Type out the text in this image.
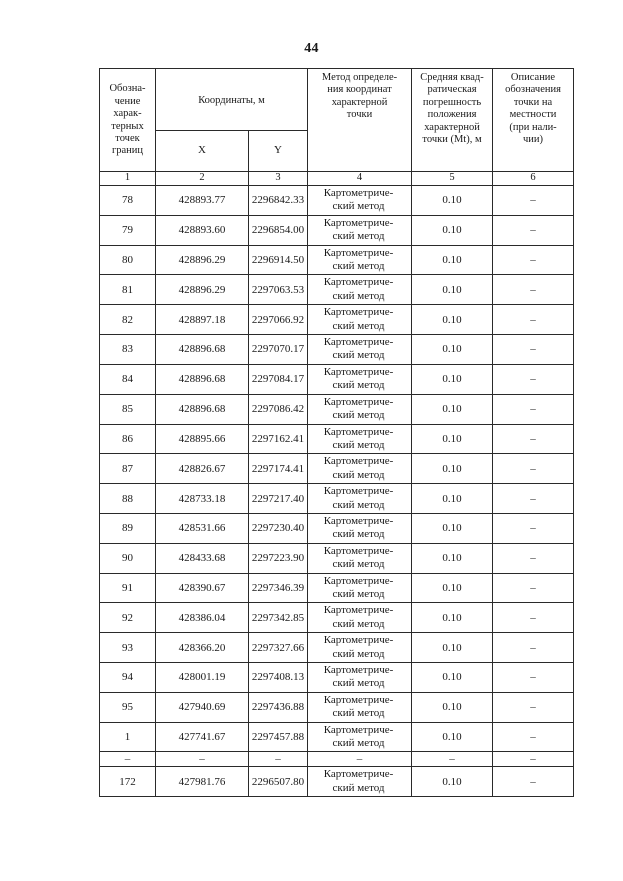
44
Обозна-
чение
харак-
терных
точек
границ
	Координаты, м	
Метод определе-
ния координат
характерной
точки

Средняя квад-
ратическая
погрешность
положения
характерной
точки (Мt), м

Описание
обозначения
точки на
местности
(при нали-
чии)

	X	Y			
1	2	3	4	5	6
78	428893.77	2296842.33	Картометриче-
ский метод	0.10	–
79	428893.60	2296854.00	Картометриче-
ский метод	0.10	–
80	428896.29	2296914.50	Картометриче-
ский метод	0.10	–
81	428896.29	2297063.53	Картометриче-
ский метод	0.10	–
82	428897.18	2297066.92	Картометриче-
ский метод	0.10	–
83	428896.68	2297070.17	Картометриче-
ский метод	0.10	–
84	428896.68	2297084.17	Картометриче-
ский метод	0.10	–
85	428896.68	2297086.42	Картометриче-
ский метод	0.10	–
86	428895.66	2297162.41	Картометриче-
ский метод	0.10	–
87	428826.67	2297174.41	Картометриче-
ский метод	0.10	–
88	428733.18	2297217.40	Картометриче-
ский метод	0.10	–
89	428531.66	2297230.40	Картометриче-
ский метод	0.10	–
90	428433.68	2297223.90	Картометриче-
ский метод	0.10	–
91	428390.67	2297346.39	Картометриче-
ский метод	0.10	–
92	428386.04	2297342.85	Картометриче-
ский метод	0.10	–
93	428366.20	2297327.66	Картометриче-
ский метод	0.10	–
94	428001.19	2297408.13	Картометриче-
ский метод	0.10	–
95	427940.69	2297436.88	Картометриче-
ский метод	0.10	–
1	427741.67	2297457.88	Картометриче-
ский метод	0.10	–
–	–	–	–	–	–
172	427981.76	2296507.80	Картометриче-
ский метод	0.10	–
